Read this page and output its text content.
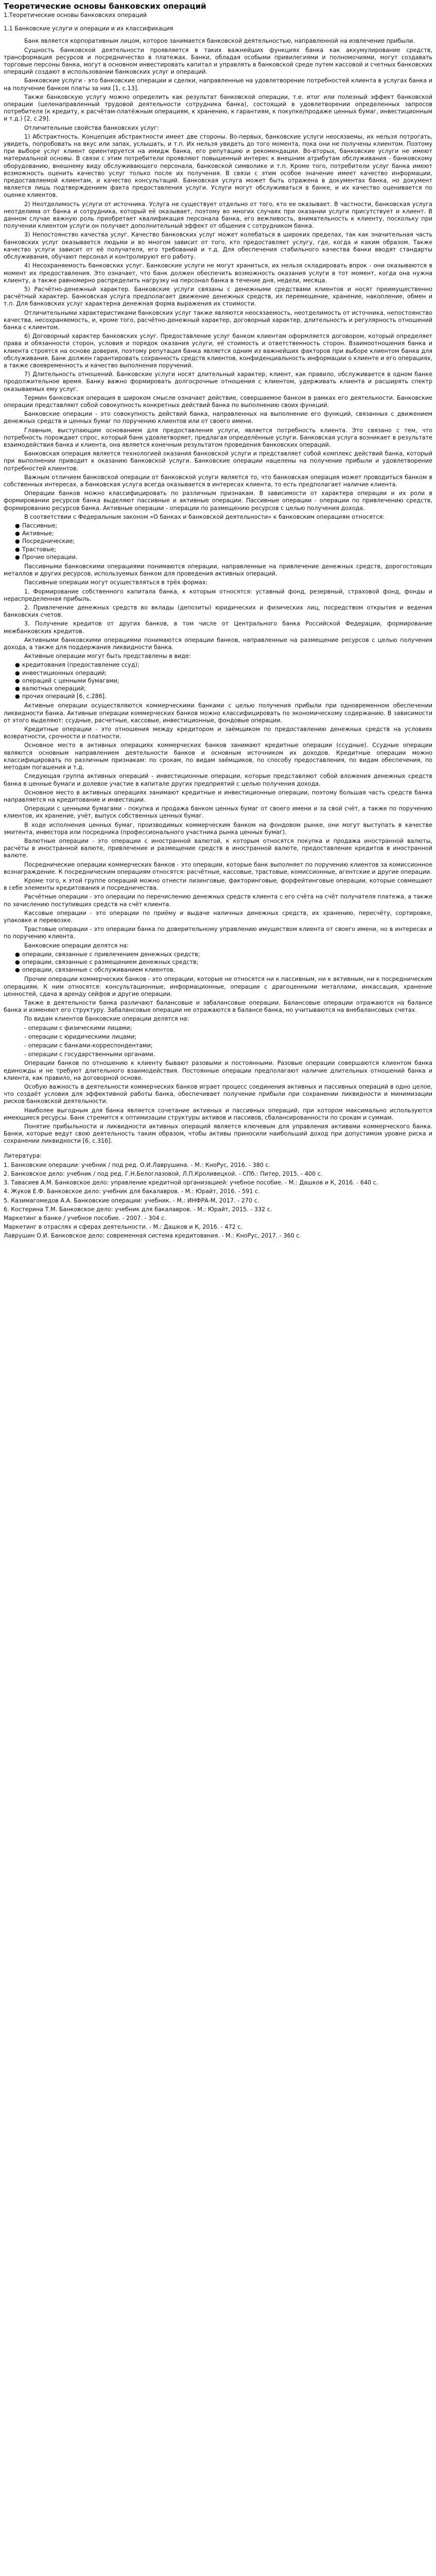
Теоретические основы банковских операций
1.Теоретические основы банковских операций
1.1 Банковские услуги и операции и их классификация

Банк является корпоративным лицом, которое занимается банковской деятельностью, направленной на извлечение прибыли.

Сущность банковской деятельности проявляется в таких важнейших функциях банка как аккумулирование средств, трансформация ресурсов и посредничество в платежах. Банки, обладая особыми привилегиями и полномочиями, могут создавать торговые персоны банка, могут в основном инвестировать капитал и управлять в банковской среде путем кассовой и счетных банковских операций создают в использовании банковских услуг и операций.

Банковские услуги - это банковские операции и сделки, направленные на удовлетворение потребностей клиента в услугах банка и на получение банком платы за них [1, с.13].

Также банковскую услугу можно определить как результат банковской операции, т.е. итог или полезный эффект банковской операции (целенаправленный трудовой деятельности сотрудника банка), состоящий в удовлетворении определенных запросов потребителя (к кредиту, к расчётам-платёжным операциям, к хранению, к гарантиям, к покупке/продаже ценных бумаг, инвестиционным и т.д.) [2, с.29].

Отличительные свойства банковских услуг:

1) Абстрактность. Концепция абстрактности имеет две стороны. Во-первых, банковские услуги неосязаемы, их нельзя потрогать, увидеть, попробовать на вкус или запах, услышать, и т.п. Их нельзя увидеть до того момента, пока они не получены клиентом. Поэтому при выборе услуг клиент ориентируется на имидж банка, его репутацию и рекомендации. Во-вторых, банковские услуги не имеют материальной основы. В связи с этим потребители проявляют повышенный интерес к внешним атрибутам обслуживания - банковскому оборудованию, внешнему виду обслуживающего персонала, банковской символике и т.п. Кроме того, потребители услуг банка имеют возможность оценить качество услуг только после их получения. В связи с этим особое значение имеет качество информации, предоставляемой клиентам, и качество консультаций. Банковская услуга может быть отражена в документах банка, но документ является лишь подтверждением факта предоставления услуги. Услуги могут обслуживаться в банке, и их качество оценивается по оценке клиентов.

2) Неотделимость услуги от источника. Услуга не существует отдельно от того, кто ее оказывает. В частности, банковская услуга неотделима от банка и сотрудника, который её оказывает, поэтому во многих случаях при оказании услуги присутствует и клиент. В данном случае важную роль приобретает квалификация персонала банка, его вежливость, внимательность к клиенту, поскольку при получении клиентом услуги он получает дополнительный эффект от общения с сотрудником банка.

3) Непостоянство качества услуг. Качество банковских услуг может колебаться в широких пределах, так как значительная часть банковских услуг оказывается людьми и во многом зависит от того, кто предоставляет услугу, где, когда и каким образом. Также качество услуги зависит от её получателя, его требований и т.д. Для обеспечения стабильного качества банки вводят стандарты обслуживания, обучают персонал и контролируют его работу.

4) Несохраняемость банковских услуг. Банковские услуги не могут храниться, их нельзя складировать впрок - они оказываются в момент их предоставления. Это означает, что банк должен обеспечить возможность оказания услуги в тот момент, когда она нужна клиенту, а также равномерно распределить нагрузку на персонал банка в течение дня, недели, месяца.

5) Расчётно-денежный характер. Банковские услуги связаны с денежными средствами клиентов и носят преимущественно расчётный характер. Банковская услуга предполагает движение денежных средств, их перемещение, хранение, накопление, обмен и т.п. Для банковских услуг характерна денежная форма выражения их стоимости.

Отличительными характеристиками банковских услуг также являются неосязаемость, неотделимость от источника, непостоянство качества, несохраняемость, и, кроме того, расчётно-денежный характер, договорный характер, длительность и регулярность отношений банка с клиентом.

6) Договорный характер банковских услуг. Предоставление услуг банком клиентам оформляется договором, который определяет права и обязанности сторон, условия и порядок оказания услуги, её стоимость и ответственность сторон. Взаимоотношения банка и клиента строятся на основе доверия, поэтому репутация банка является одним из важнейших факторов при выборе клиентом банка для обслуживания. Банк должен гарантировать сохранность средств клиентов, конфиденциальность информации о клиенте и его операциях, а также своевременность и качество выполнения поручений.

7) Длительность отношений. Банковские услуги носят длительный характер, клиент, как правило, обслуживается в одном банке продолжительное время. Банку важно формировать долгосрочные отношения с клиентом, удерживать клиента и расширять спектр оказываемых ему услуг.

Термин банковская операция в широком смысле означает действие, совершаемое банком в рамках его деятельности. Банковские операции представляют собой совокупность конкретных действий банка по выполнению своих функций.

Банковские операции - это совокупность действий банка, направленных на выполнение его функций, связанных с движением денежных средств и ценных бумаг по поручению клиентов или от своего имени.

Главным, выступающим основанием для предоставления услуги, является потребность клиента. Это связано с тем, что потребность порождает спрос, который банк удовлетворяет, предлагая определённые услуги. Банковская услуга возникает в результате взаимодействия банка и клиента, она является конечным результатом проведения банковских операций.

Банковская операция является технологией оказания банковской услуги и представляет собой комплекс действий банка, который при выполнении приводит к оказанию банковской услуги. Банковские операции нацелены на получение прибыли и удовлетворение потребностей клиентов.

Важным отличием банковской операции от банковской услуги является то, что банковская операция может проводиться банком в собственных интересах, а банковская услуга всегда оказывается в интересах клиента, то есть предполагает наличие клиента.

Операции банков можно классифицировать по различным признакам. В зависимости от характера операции и их роли в формировании ресурсов банка выделяют пассивные и активные операции. Пассивные операции - операции по привлечению средств, формированию ресурсов банка. Активные операции - операции по размещению ресурсов с целью получения дохода.

В соответствии с Федеральным законом «О банках и банковской деятельности» к банковским операциям относятся:

● Пассивные;
● Активные;
● Посреднические;
● Трастовые;
● Прочие операции.

Пассивными банковскими операциями понимаются операции, направленные на привлечение денежных средств, дорогостоящих металлов и других ресурсов, используемых банком для проведения активных операций.

Пассивные операции могут осуществляться в трёх формах:

1. Формирование собственного капитала банка, к которым относятся: уставный фонд, резервный, страховой фонд, фонды и нераспределенная прибыль.

2. Привлечение денежных средств во вклады (депозиты) юридических и физических лиц, посредством открытия и ведения банковских счетов.

3. Получение кредитов от других банков, в том числе от Центрального банка Российской Федерации, формирование межбанковских кредитов.

Активными банковскими операциями понимаются операции банков, направленные на размещение ресурсов с целью получения дохода, а также для поддержания ликвидности банка.

Активные операции могут быть представлены в виде:

● кредитования (предоставление ссуд);
● инвестиционных операций;
● операций с ценными бумагами;
● валютных операций;
● прочих операций [6, с.286].

Активные операции осуществляются коммерческими банками с целью получения прибыли при одновременном обеспечении ликвидности банка. Активные операции коммерческих банков можно классифицировать по экономическому содержанию. В зависимости от этого выделяют: ссудные, расчетные, кассовые, инвестиционные, фондовые операции.

Кредитные операции - это отношения между кредитором и заёмщиком по предоставлению денежных средств на условиях возвратности, срочности и платности.

Основное место в активных операциях коммерческих банков занимают кредитные операции (ссудные). Ссудные операции являются основным направлением деятельности банков и основным источником их доходов. Кредитные операции можно классифицировать по различным признакам: по срокам, по видам заёмщиков, по способу предоставления, по видам обеспечения, по методам погашения и т.д.

Следующая группа активных операций - инвестиционные операции, которые представляют собой вложения денежных средств банка в ценные бумаги и долевое участие в капитале других предприятий с целью получения дохода.

Основное место в активных операциях занимают кредитные и инвестиционные операции, поэтому большая часть средств банка направляется на кредитование и инвестиции.

Операции с ценными бумагами - покупка и продажа банком ценных бумаг от своего имени и за свой счёт, а также по поручению клиентов, их хранение, учёт, выпуск собственных ценных бумаг.

В ходе исполнения ценных бумаг, производимых коммерческим банком на фондовом рынке, они могут выступать в качестве эмитента, инвестора или посредника (профессионального участника рынка ценных бумаг).

Валютные операции - это операции с иностранной валютой, к которым относятся покупка и продажа иностранной валюты, расчёты в иностранной валюте, привлечение и размещение средств в иностранной валюте, предоставление кредитов в иностранной валюте.

Посреднические операции коммерческих банков - это операции, которые банк выполняет по поручению клиентов за комиссионное вознаграждение. К посредническим операциям относятся: расчётные, кассовые, трастовые, комиссионные, агентские и другие операции.

Кроме того, к этой группе операций можно отнести лизинговые, факторинговые, форфейтинговые операции, которые совмещают в себе элементы кредитования и посредничества.

Расчётные операции - это операции по перечислению денежных средств клиента с его счёта на счёт получателя платежа, а также по зачислению поступивших средств на счёт клиента.

Кассовые операции - это операции по приёму и выдаче наличных денежных средств, их хранению, пересчёту, сортировке, упаковке и перевозке.

Трастовые операции - это операции банка по доверительному управлению имуществом клиента от своего имени, но в интересах и по поручению клиента.

Банковские операции делятся на:

● операции, связанные с привлечением денежных средств;
● операции, связанные с размещением денежных средств;
● операции, связанные с обслуживанием клиентов.

Прочие операции коммерческих банков - это операции, которые не относятся ни к пассивным, ни к активным, ни к посредническим операциям. К ним относятся: консультационные, информационные, операции с драгоценными металлами, инкассация, хранение ценностей, сдача в аренду сейфов и другие операции.

Также в деятельности банка различают балансовые и забалансовые операции. Балансовые операции отражаются на балансе банка и изменяют его структуру. Забалансовые операции не отражаются в балансе банка, но учитываются на внебалансовых счетах.

По видам клиентов банковские операции делятся на:

- операции с физическими лицами;

- операции с юридическими лицами;

- операции с банками-корреспондентами;

- операции с государственными органами.

Операции банков по отношению к клиенту бывают разовыми и постоянными. Разовые операции совершаются клиентом банка единожды и не требуют длительного взаимодействия. Постоянные операции предполагают наличие длительных отношений банка и клиента, как правило, на договорной основе.

Особую важность в деятельности коммерческих банков играет процесс соединения активных и пассивных операций в одно целое, что создаёт условия для эффективной работы банка, обеспечивает получение прибыли при сохранении ликвидности и минимизации рисков банковской деятельности.

Наиболее выгодным для банка является сочетание активных и пассивных операций, при котором максимально используются имеющиеся ресурсы. Банк стремится к оптимизации структуры активов и пассивов, сбалансированности по срокам и суммам.

Понятие прибыльности и ликвидности активных операций является ключевым для управления активами коммерческого банка. Банки, которые ведут свою деятельность таким образом, чтобы активы приносили наибольший доход при допустимом уровне риска и сохранении ликвидности [6, с.316].

Литература:

1. Банковские операции: учебник / под ред. О.И.Лаврушина. - М.: КноРус, 2016. - 380 с.

2. Банковское дело: учебник / под ред. Г.Н.Белоглазовой, Л.П.Кроливецкой. - СПб.: Питер, 2015. - 400 с.

3. Тавасиев А.М. Банковское дело: управление кредитной организацией: учебное пособие. - М.: Дашков и К, 2016. - 640 с.

4. Жуков Е.Ф. Банковское дело: учебник для бакалавров. - М.: Юрайт, 2016. - 591 с.

5. Казимагомедов А.А. Банковские операции: учебник. - М.: ИНФРА-М, 2017. - 270 с.

6. Костерина Т.М. Банковское дело: учебник для бакалавров. - М.: Юрайт, 2015. - 332 с.

Маркетинг в банке / учебное пособие. - 2007. - 304 с.

Маркетинг в отраслях и сферах деятельности. - М.: Дашков и К, 2016. - 472 с.

Лаврушин О.И. Банковское дело: современная система кредитования. - М.: КноРус, 2017. - 360 с.
